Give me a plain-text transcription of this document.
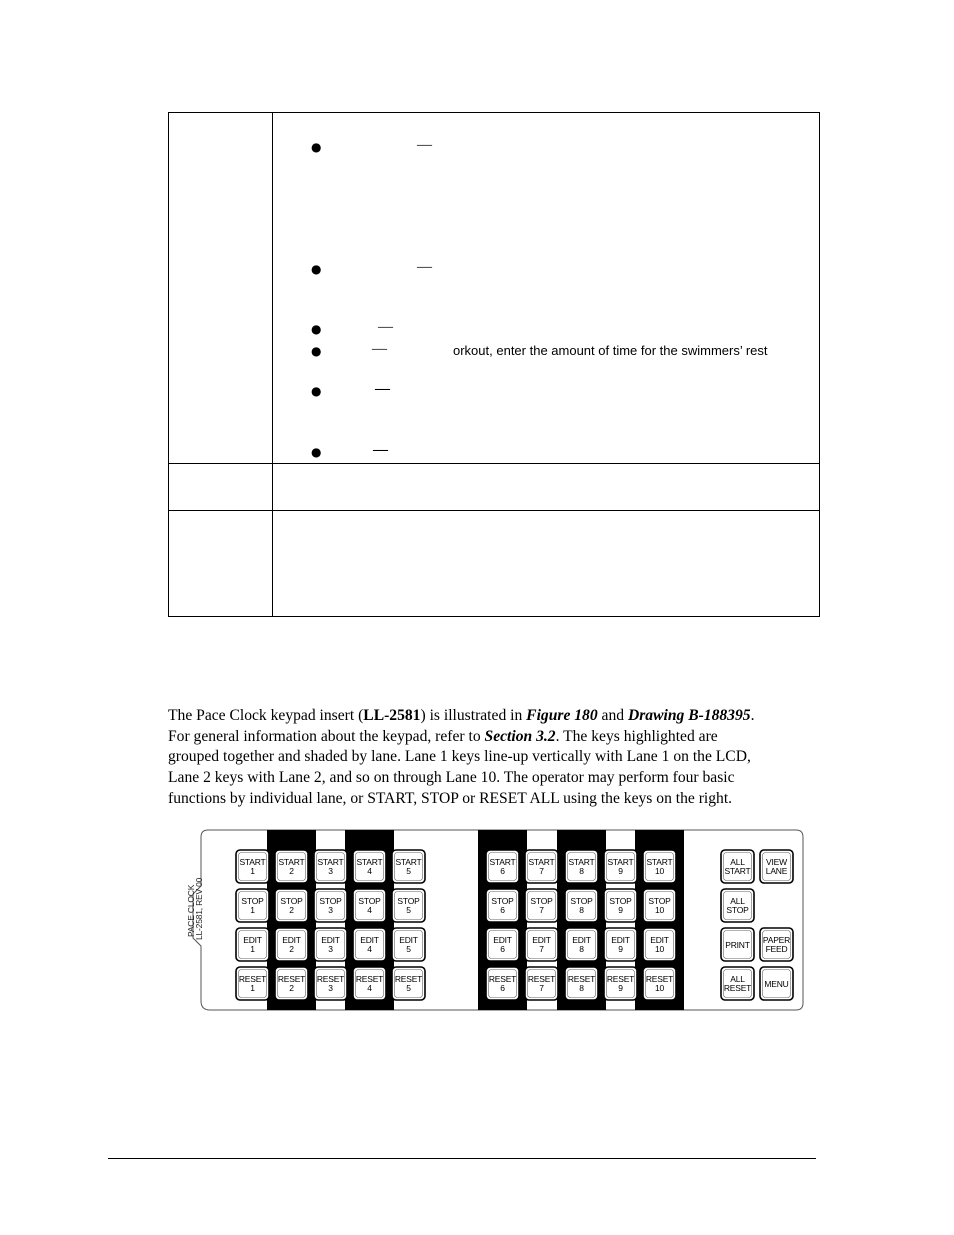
●	—
●	—
●	—
●	—	orkout, enter the amount of time for the swimmers’ rest
●	—
●	—

The Pace Clock keypad insert (LL-2581) is illustrated in Figure 180 and Drawing B-188395.

For general information about the keypad, refer to Section 3.2. The keys highlighted are

grouped together and shaded by lane. Lane 1 keys line-up vertically with Lane 1 on the LCD,

Lane 2 keys with Lane 2, and so on through Lane 10. The operator may perform four basic

functions by individual lane, or START, STOP or RESET ALL using the keys on the right.

START
1
STOP
1
EDIT
1
RESET
1
START
2
STOP
2
EDIT
2
RESET
2
START
3
STOP
3
EDIT
3
RESET
3
START
4
STOP
4
EDIT
4
RESET
4
START
5
STOP
5
EDIT
5
RESET
5
START
6
STOP
6
EDIT
6
RESET
6
START
7
STOP
7
EDIT
7
RESET
7
START
8
STOP
8
EDIT
8
RESET
8
START
9
STOP
9
EDIT
9
RESET
9
START
10
STOP
10
EDIT
10
RESET
10
ALL
START
VIEW
LANE
ALL
STOP
PRINT PAPER
FEED
ALL
RESET MENU
PACE CLOCK
LL-2581, REV 00
